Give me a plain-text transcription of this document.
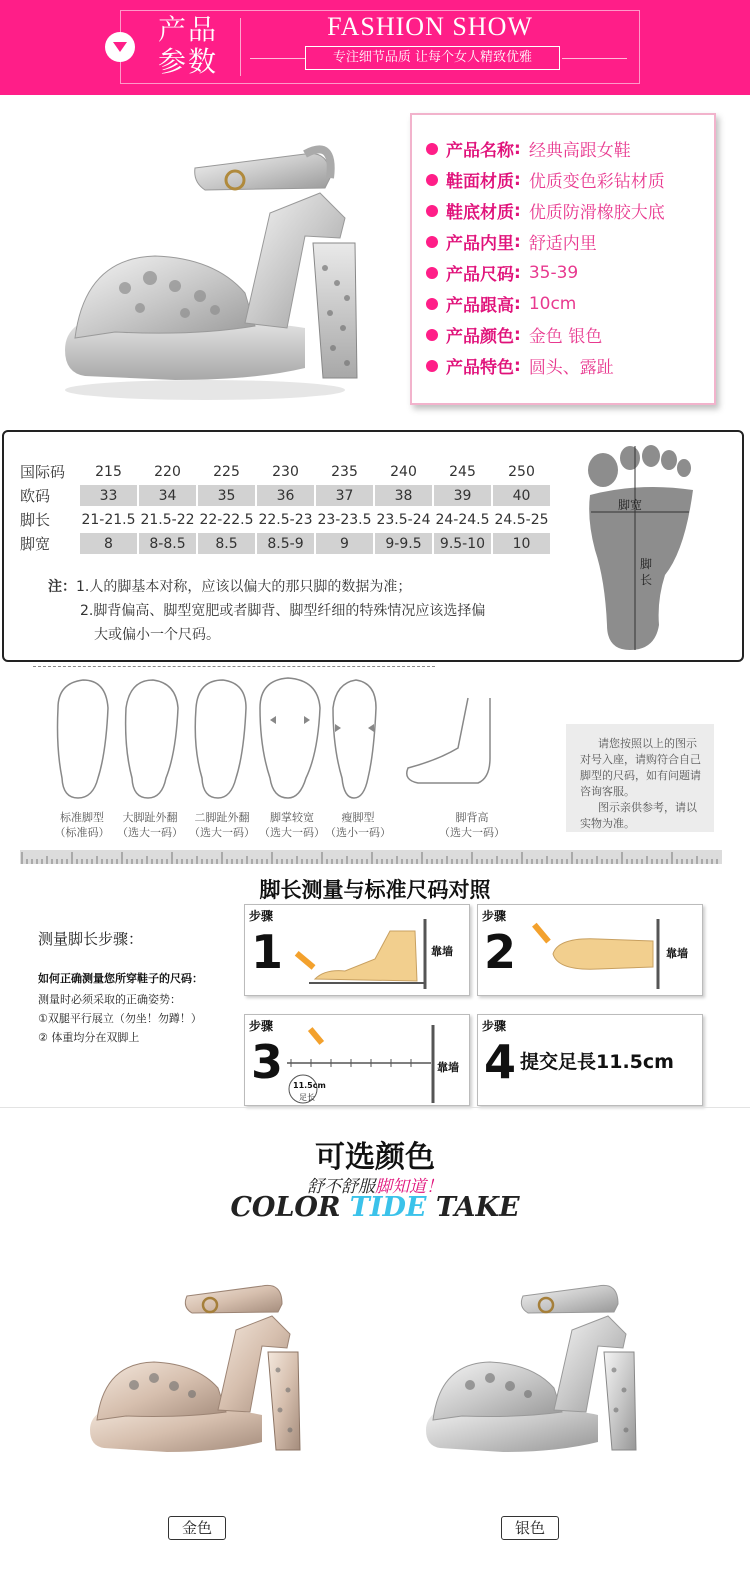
产品
参数
FASHION SHOW
专注细节品质 让每个女人精致优雅
产品名称 : 经典高跟女鞋
鞋面材质 : 优质变色彩钻材质
鞋底材质 : 优质防滑橡胶大底
产品内里 : 舒适内里
产品尺码 : 35-39
产品跟高 : 10cm
产品颜色 : 金色 银色
产品特色 : 圆头、露趾
国际码	215	220	225	230	235	240	245	250
欧码	33	34	35	36	37	38	39	40
脚长	21-21.5	21.5-22	22-22.5	22.5-23	23-23.5	23.5-24	24-24.5	24.5-25
脚宽	8	8-8.5	8.5	8.5-9	9	9-9.5	9.5-10	10
注：1.人的脚基本对称，应该以偏大的那只脚的数据为准；
2.脚背偏高、脚型宽肥或者脚背、脚型纤细的特殊情况应该选择偏
大或偏小一个尺码。
脚宽
脚
长
标准脚型
（标准码）
大脚趾外翻
（选大一码）
二脚趾外翻
（选大一码）
脚掌较宽
（选大一码）
瘦脚型
（选小一码）
脚背高
（选大一码）
请您按照以上的图示
对号入座，请购符合自己
脚型的尺码，如有问题请
咨询客服。
图示亲供参考，请以
实物为准。
脚长测量与标准尺码对照
测量脚长步骤：
如何正确测量您所穿鞋子的尺码：
测量时必须采取的正确姿势：
①双腿平行展立（勿坐！勿蹲！）
② 体重均分在双脚上
步骤
1	靠墙
步骤
2	靠墙
步骤
3 11.5cm
足长
靠墙
步骤
4 提交足長11.5cm
可选颜色
舒不舒服脚知道！
COLOR TIDE TAKE
金色	银色
